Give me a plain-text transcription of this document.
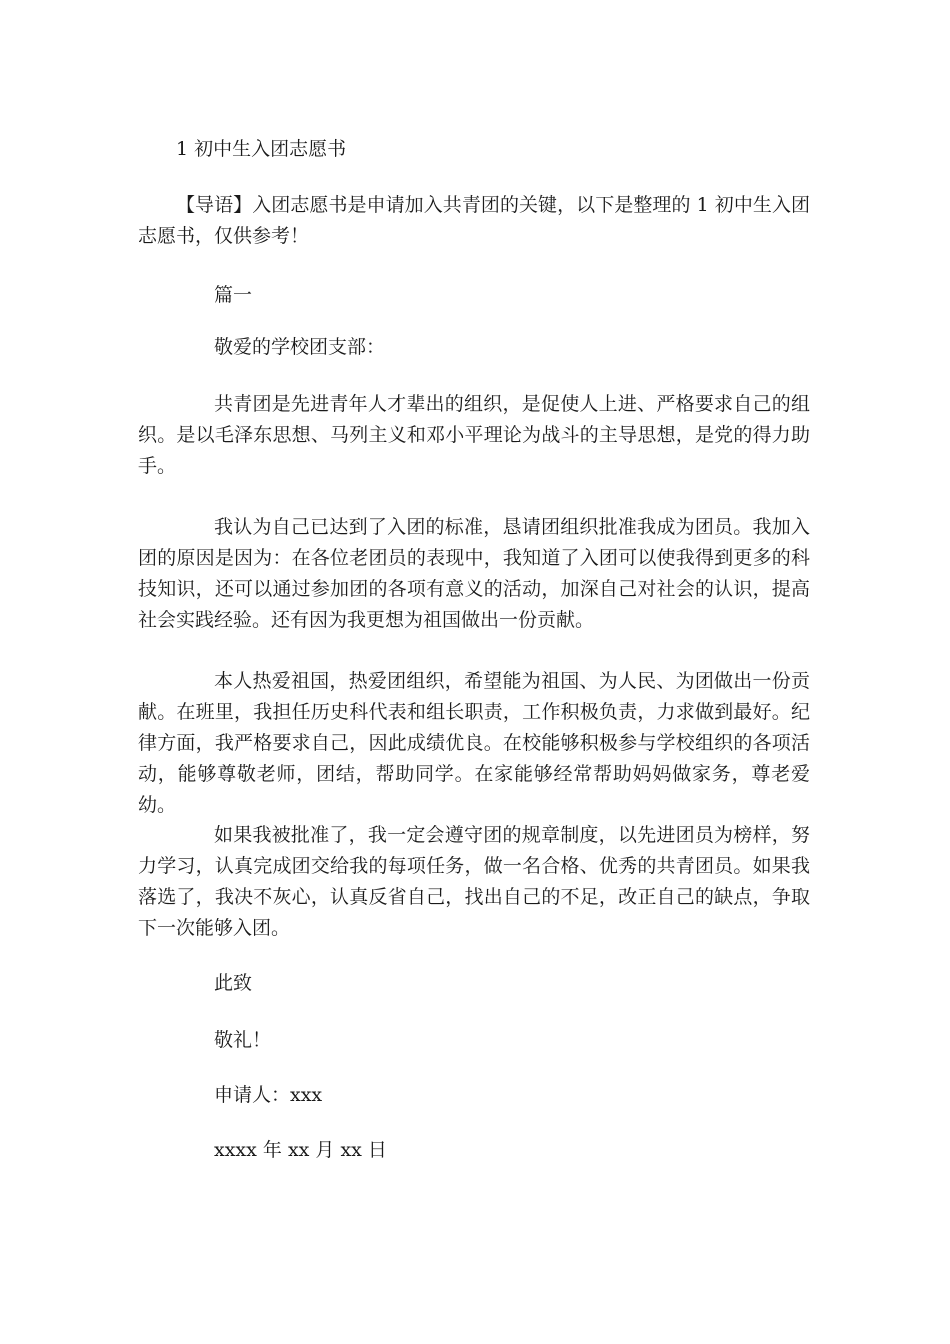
1 初中生入团志愿书

【导语】入团志愿书是申请加入共青团的关键，以下是整理的 1 初中生入团志愿书，仅供参考！

篇一

敬爱的学校团支部：

共青团是先进青年人才辈出的组织，是促使人上进、严格要求自己的组织。是以毛泽东思想、马列主义和邓小平理论为战斗的主导思想，是党的得力助手。

我认为自己已达到了入团的标准，恳请团组织批准我成为团员。我加入团的原因是因为：在各位老团员的表现中，我知道了入团可以使我得到更多的科技知识，还可以通过参加团的各项有意义的活动，加深自己对社会的认识，提高社会实践经验。还有因为我更想为祖国做出一份贡献。

本人热爱祖国，热爱团组织，希望能为祖国、为人民、为团做出一份贡献。在班里，我担任历史科代表和组长职责，工作积极负责，力求做到最好。纪律方面，我严格要求自己，因此成绩优良。在校能够积极参与学校组织的各项活动，能够尊敬老师，团结，帮助同学。在家能够经常帮助妈妈做家务，尊老爱幼。

如果我被批准了，我一定会遵守团的规章制度，以先进团员为榜样，努力学习，认真完成团交给我的每项任务，做一名合格、优秀的共青团员。如果我落选了，我决不灰心，认真反省自己，找出自己的不足，改正自己的缺点，争取下一次能够入团。

此致

敬礼！

申请人：xxx

xxxx 年 xx 月 xx 日
